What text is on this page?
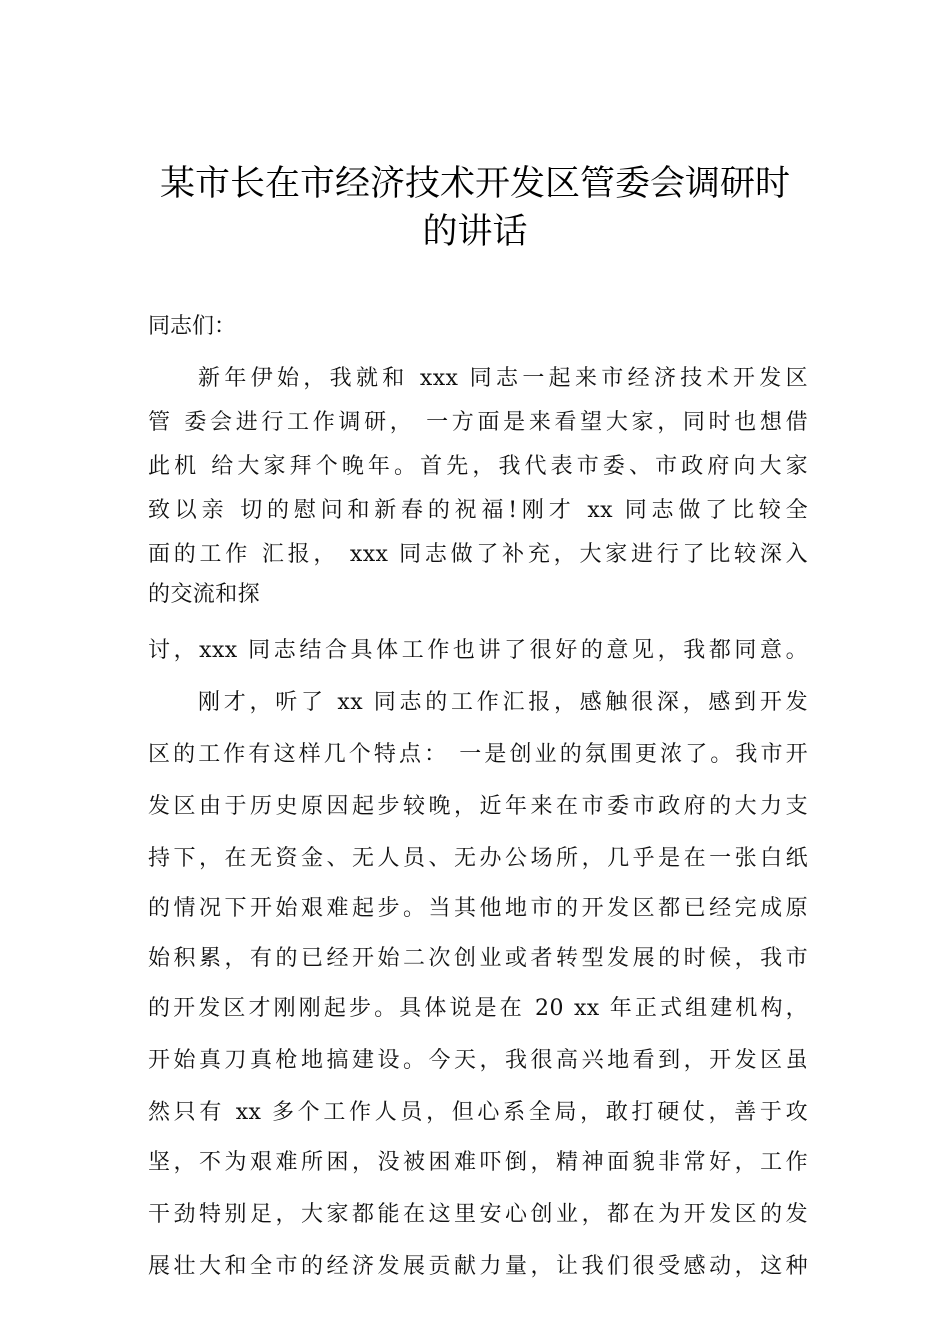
某市长在市经济技术开发区管委会调研时
的讲话
同志们：
新年伊始，我就和 xxx 同志一起来市经济技术开发区
管 委会进行工作调研， 一方面是来看望大家，同时也想借
此机 给大家拜个晚年。首先，我代表市委、市政府向大家
致以亲 切的慰问和新春的祝福!刚才 xx 同志做了比较全
面的工作 汇报， xxx 同志做了补充，大家进行了比较深入
的交流和探
讨，xxx 同志结合具体工作也讲了很好的意见，我都同意。
刚才，听了 xx 同志的工作汇报，感触很深，感到开发
区的工作有这样几个特点： 一是创业的氛围更浓了。我市开
发区由于历史原因起步较晚，近年来在市委市政府的大力支
持下，在无资金、无人员、无办公场所，几乎是在一张白纸
的情况下开始艰难起步。当其他地市的开发区都已经完成原
始积累，有的已经开始二次创业或者转型发展的时候，我市
的开发区才刚刚起步。具体说是在 20 xx 年正式组建机构，
开始真刀真枪地搞建设。今天，我很高兴地看到，开发区虽
然只有 xx 多个工作人员，但心系全局，敢打硬仗，善于攻
坚，不为艰难所困，没被困难吓倒，精神面貌非常好，工作
干劲特别足，大家都能在这里安心创业，都在为开发区的发
展壮大和全市的经济发展贡献力量，让我们很受感动，这种
